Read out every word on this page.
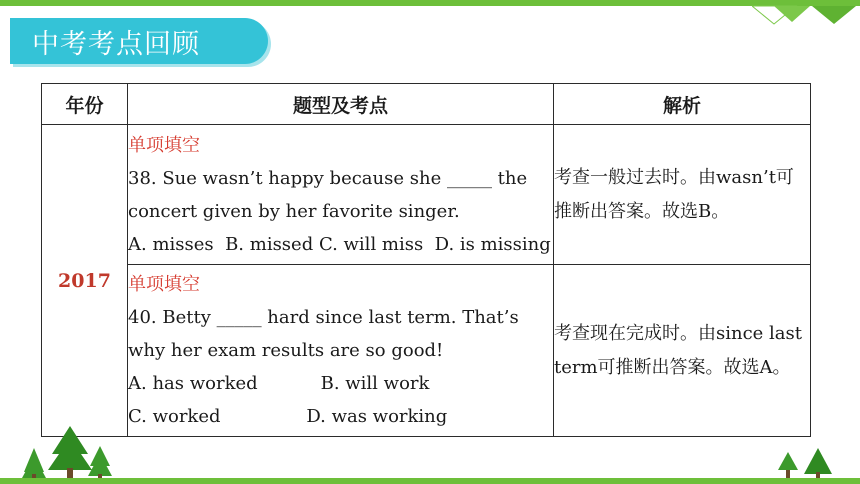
中考考点回顾
年份	题型及考点	解析
2017	单项填空
38. Sue wasn’t happy because she _____ the
concert given by her favorite singer.
A. misses  B. missed C. will miss  D. is missing	考查一般过去时。由wasn’t可推断出答案。故选B。

	单项填空
40. Betty _____ hard since last term. That’s
why her exam results are so good!
A. has worked           B. will work
C. worked               D. was working	考查现在完成时。由since last term可推断出答案。故选A。
